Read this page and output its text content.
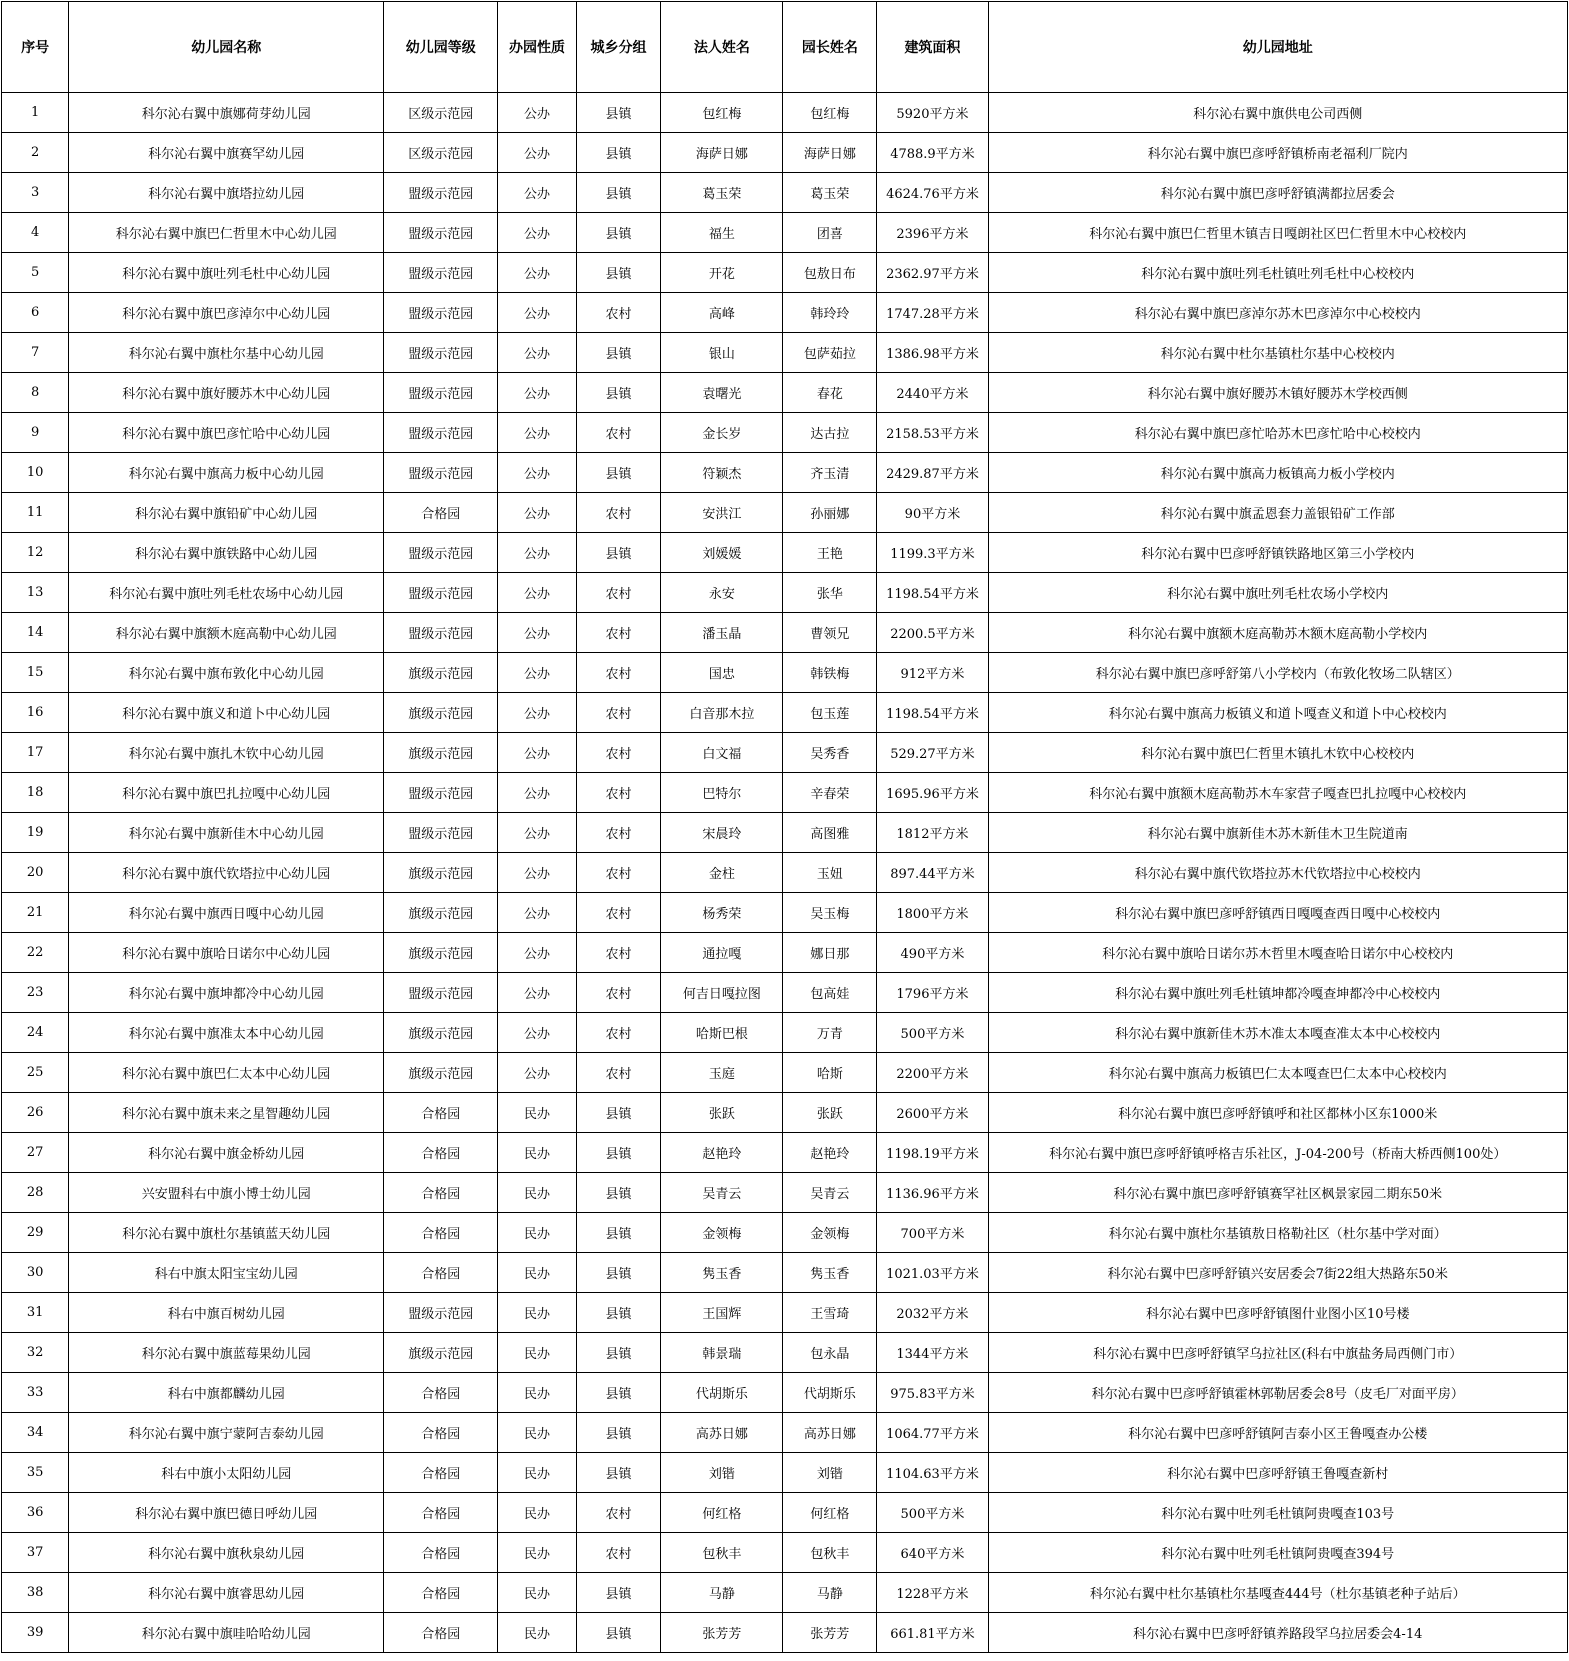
序号	幼儿园名称	幼儿园等级	办园性质	城乡分组	法人姓名	园长姓名	建筑面积	幼儿园地址
1	科尔沁右翼中旗娜荷芽幼儿园	区级示范园	公办	县镇	包红梅	包红梅	5920平方米	科尔沁右翼中旗供电公司西侧
2	科尔沁右翼中旗赛罕幼儿园	区级示范园	公办	县镇	海萨日娜	海萨日娜	4788.9平方米	科尔沁右翼中旗巴彦呼舒镇桥南老福利厂院内
3	科尔沁右翼中旗塔拉幼儿园	盟级示范园	公办	县镇	葛玉荣	葛玉荣	4624.76平方米	科尔沁右翼中旗巴彦呼舒镇满都拉居委会
4	科尔沁右翼中旗巴仁哲里木中心幼儿园	盟级示范园	公办	县镇	福生	团喜	2396平方米	科尔沁右翼中旗巴仁哲里木镇吉日嘎朗社区巴仁哲里木中心校校内
5	科尔沁右翼中旗吐列毛杜中心幼儿园	盟级示范园	公办	县镇	开花	包敖日布	2362.97平方米	科尔沁右翼中旗吐列毛杜镇吐列毛杜中心校校内
6	科尔沁右翼中旗巴彦淖尔中心幼儿园	盟级示范园	公办	农村	高峰	韩玲玲	1747.28平方米	科尔沁右翼中旗巴彦淖尔苏木巴彦淖尔中心校校内
7	科尔沁右翼中旗杜尔基中心幼儿园	盟级示范园	公办	县镇	银山	包萨茹拉	1386.98平方米	科尔沁右翼中杜尔基镇杜尔基中心校校内
8	科尔沁右翼中旗好腰苏木中心幼儿园	盟级示范园	公办	县镇	袁曙光	春花	2440平方米	科尔沁右翼中旗好腰苏木镇好腰苏木学校西侧
9	科尔沁右翼中旗巴彦忙哈中心幼儿园	盟级示范园	公办	农村	金长岁	达古拉	2158.53平方米	科尔沁右翼中旗巴彦忙哈苏木巴彦忙哈中心校校内
10	科尔沁右翼中旗高力板中心幼儿园	盟级示范园	公办	县镇	符颖杰	齐玉清	2429.87平方米	科尔沁右翼中旗高力板镇高力板小学校内
11	科尔沁右翼中旗铅矿中心幼儿园	合格园	公办	农村	安洪江	孙丽娜	90平方米	科尔沁右翼中旗孟恩套力盖银铅矿工作部
12	科尔沁右翼中旗铁路中心幼儿园	盟级示范园	公办	县镇	刘媛媛	王艳	1199.3平方米	科尔沁右翼中巴彦呼舒镇铁路地区第三小学校内
13	科尔沁右翼中旗吐列毛杜农场中心幼儿园	盟级示范园	公办	农村	永安	张华	1198.54平方米	科尔沁右翼中旗吐列毛杜农场小学校内
14	科尔沁右翼中旗额木庭高勒中心幼儿园	盟级示范园	公办	农村	潘玉晶	曹领兄	2200.5平方米	科尔沁右翼中旗额木庭高勒苏木额木庭高勒小学校内
15	科尔沁右翼中旗布敦化中心幼儿园	旗级示范园	公办	农村	国忠	韩铁梅	912平方米	科尔沁右翼中旗巴彦呼舒第八小学校内（布敦化牧场二队辖区）
16	科尔沁右翼中旗义和道卜中心幼儿园	旗级示范园	公办	农村	白音那木拉	包玉莲	1198.54平方米	科尔沁右翼中旗高力板镇义和道卜嘎查义和道卜中心校校内
17	科尔沁右翼中旗扎木钦中心幼儿园	旗级示范园	公办	农村	白文福	吴秀香	529.27平方米	科尔沁右翼中旗巴仁哲里木镇扎木钦中心校校内
18	科尔沁右翼中旗巴扎拉嘎中心幼儿园	盟级示范园	公办	农村	巴特尔	辛春荣	1695.96平方米	科尔沁右翼中旗额木庭高勒苏木车家营子嘎查巴扎拉嘎中心校校内
19	科尔沁右翼中旗新佳木中心幼儿园	盟级示范园	公办	农村	宋晨玲	高图雅	1812平方米	科尔沁右翼中旗新佳木苏木新佳木卫生院道南
20	科尔沁右翼中旗代钦塔拉中心幼儿园	旗级示范园	公办	农村	金柱	玉妞	897.44平方米	科尔沁右翼中旗代钦塔拉苏木代钦塔拉中心校校内
21	科尔沁右翼中旗西日嘎中心幼儿园	旗级示范园	公办	农村	杨秀荣	吴玉梅	1800平方米	科尔沁右翼中旗巴彦呼舒镇西日嘎嘎查西日嘎中心校校内
22	科尔沁右翼中旗哈日诺尔中心幼儿园	旗级示范园	公办	农村	通拉嘎	娜日那	490平方米	科尔沁右翼中旗哈日诺尔苏木哲里木嘎查哈日诺尔中心校校内
23	科尔沁右翼中旗坤都冷中心幼儿园	盟级示范园	公办	农村	何吉日嘎拉图	包高娃	1796平方米	科尔沁右翼中旗吐列毛杜镇坤都冷嘎查坤都冷中心校校内
24	科尔沁右翼中旗准太本中心幼儿园	旗级示范园	公办	农村	哈斯巴根	万青	500平方米	科尔沁右翼中旗新佳木苏木准太本嘎查准太本中心校校内
25	科尔沁右翼中旗巴仁太本中心幼儿园	旗级示范园	公办	农村	玉庭	哈斯	2200平方米	科尔沁右翼中旗高力板镇巴仁太本嘎查巴仁太本中心校校内
26	科尔沁右翼中旗未来之星智趣幼儿园	合格园	民办	县镇	张跃	张跃	2600平方米	科尔沁右翼中旗巴彦呼舒镇呼和社区都林小区东1000米
27	科尔沁右翼中旗金桥幼儿园	合格园	民办	县镇	赵艳玲	赵艳玲	1198.19平方米	科尔沁右翼中旗巴彦呼舒镇呼格吉乐社区，J-04-200号（桥南大桥西侧100处）
28	兴安盟科右中旗小博士幼儿园	合格园	民办	县镇	吴青云	吴青云	1136.96平方米	科尔沁右翼中旗巴彦呼舒镇赛罕社区枫景家园二期东50米
29	科尔沁右翼中旗杜尔基镇蓝天幼儿园	合格园	民办	县镇	金领梅	金领梅	700平方米	科尔沁右翼中旗杜尔基镇敖日格勒社区（杜尔基中学对面）
30	科右中旗太阳宝宝幼儿园	合格园	民办	县镇	隽玉香	隽玉香	1021.03平方米	科尔沁右翼中巴彦呼舒镇兴安居委会7街22组大热路东50米
31	科右中旗百树幼儿园	盟级示范园	民办	县镇	王国辉	王雪琦	2032平方米	科尔沁右翼中巴彦呼舒镇图什业图小区10号楼
32	科尔沁右翼中旗蓝莓果幼儿园	旗级示范园	民办	县镇	韩景瑞	包永晶	1344平方米	科尔沁右翼中巴彦呼舒镇罕乌拉社区(科右中旗盐务局西侧门市）
33	科右中旗都麟幼儿园	合格园	民办	县镇	代胡斯乐	代胡斯乐	975.83平方米	科尔沁右翼中巴彦呼舒镇霍林郭勒居委会8号（皮毛厂对面平房）
34	科尔沁右翼中旗宁蒙阿吉泰幼儿园	合格园	民办	县镇	高苏日娜	高苏日娜	1064.77平方米	科尔沁右翼中巴彦呼舒镇阿吉泰小区王鲁嘎查办公楼
35	科右中旗小太阳幼儿园	合格园	民办	县镇	刘锴	刘锴	1104.63平方米	科尔沁右翼中巴彦呼舒镇王鲁嘎查新村
36	科尔沁右翼中旗巴德日呼幼儿园	合格园	民办	农村	何红格	何红格	500平方米	科尔沁右翼中吐列毛杜镇阿贵嘎查103号
37	科尔沁右翼中旗秋泉幼儿园	合格园	民办	农村	包秋丰	包秋丰	640平方米	科尔沁右翼中吐列毛杜镇阿贵嘎查394号
38	科尔沁右翼中旗睿思幼儿园	合格园	民办	县镇	马静	马静	1228平方米	科尔沁右翼中杜尔基镇杜尔基嘎查444号（杜尔基镇老种子站后）
39	科尔沁右翼中旗哇哈哈幼儿园	合格园	民办	县镇	张芳芳	张芳芳	661.81平方米	科尔沁右翼中巴彦呼舒镇养路段罕乌拉居委会4-14
